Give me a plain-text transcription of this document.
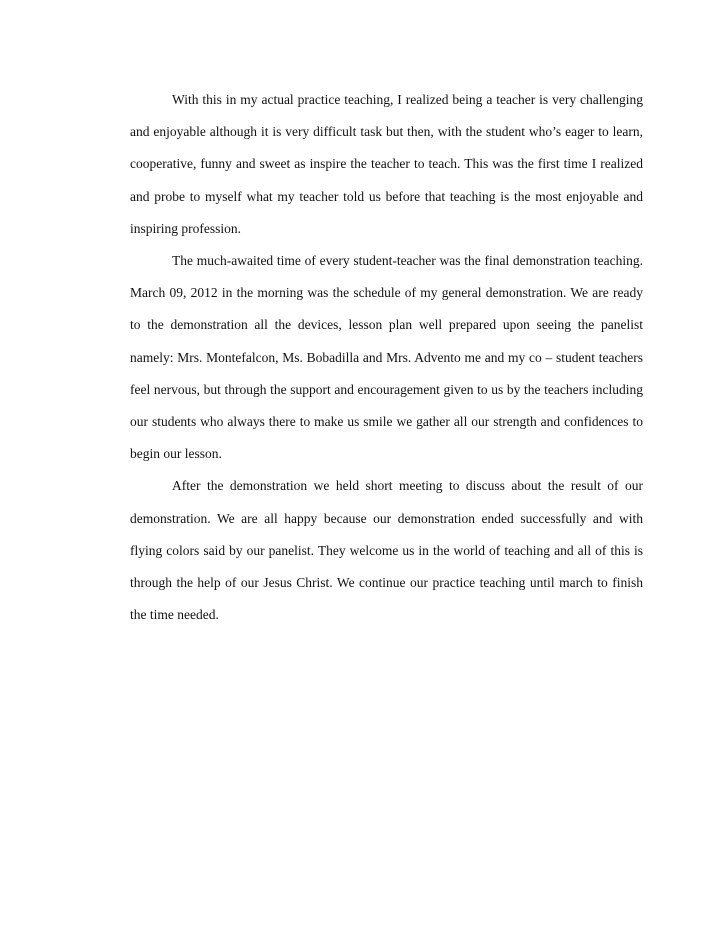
With this in my actual practice teaching, I realized being a teacher is very challenging and enjoyable although it is very difficult task but then, with the student who’s eager to learn, cooperative, funny and sweet as inspire the teacher to teach. This was the first time I realized and probe to myself what my teacher told us before that teaching is the most enjoyable and inspiring profession.

The much-awaited time of every student-teacher was the final demonstration teaching. March 09, 2012 in the morning was the schedule of my general demonstration. We are ready to the demonstration all the devices, lesson plan well prepared upon seeing the panelist namely: Mrs. Montefalcon, Ms. Bobadilla and Mrs. Advento me and my co – student teachers feel nervous, but through the support and encouragement given to us by the teachers including our students who always there to make us smile we gather all our strength and confidences to begin our lesson.

After the demonstration we held short meeting to discuss about the result of our demonstration. We are all happy because our demonstration ended successfully and with flying colors said by our panelist. They welcome us in the world of teaching and all of this is through the help of our Jesus Christ. We continue our practice teaching until march to finish the time needed.
